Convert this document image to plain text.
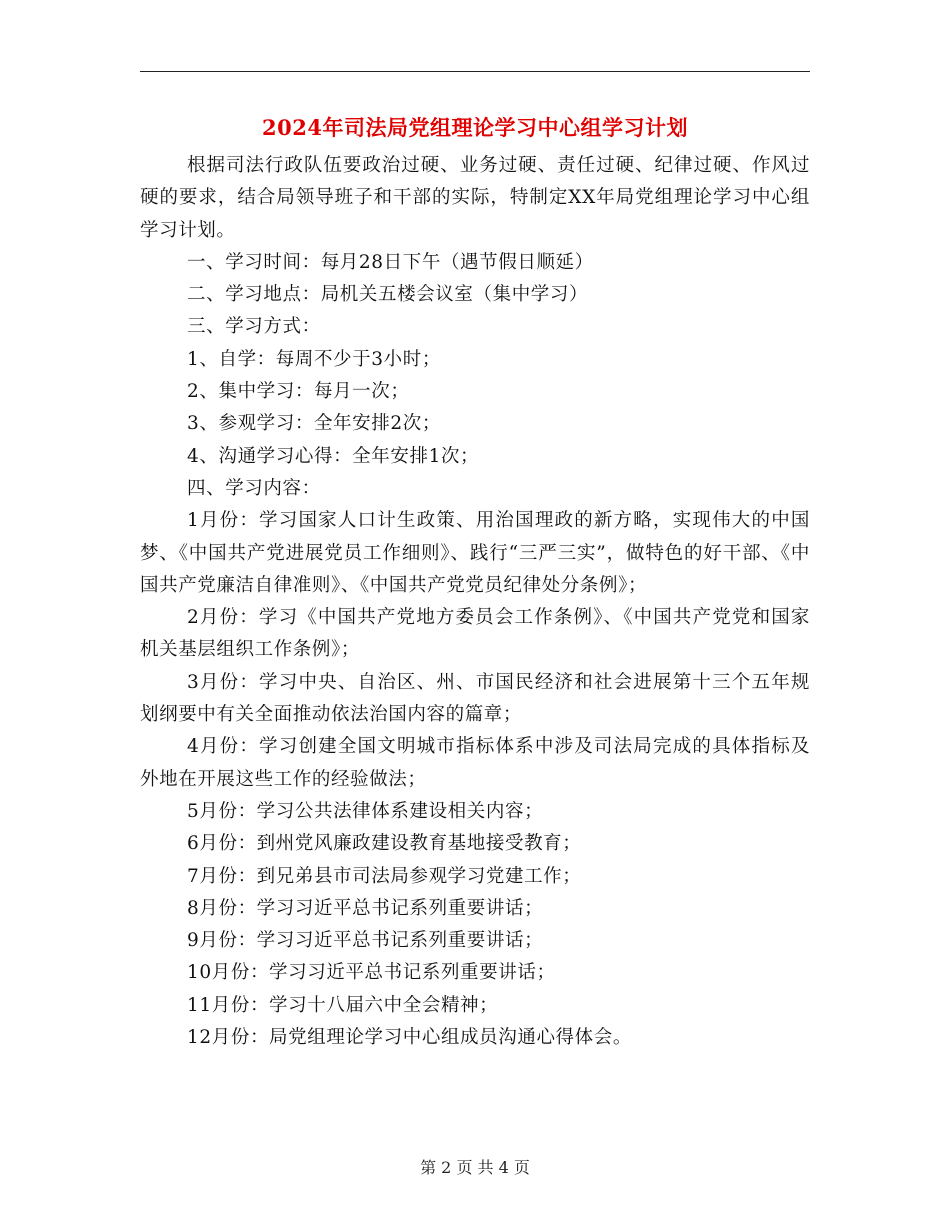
2024年司法局党组理论学习中心组学习计划

根据司法行政队伍要政治过硬、业务过硬、责任过硬、纪律过硬、作风过硬的要求，结合局领导班子和干部的实际，特制定XX年局党组理论学习中心组学习计划。

一、学习时间：每月28日下午（遇节假日顺延）

二、学习地点：局机关五楼会议室（集中学习）

三、学习方式：

1、自学：每周不少于3小时；

2、集中学习：每月一次；

3、参观学习：全年安排2次；

4、沟通学习心得：全年安排1次；

四、学习内容：

1月份：学习国家人口计生政策、用治国理政的新方略，实现伟大的中国梦、《中国共产党进展党员工作细则》、践行“三严三实”，做特色的好干部、《中国共产党廉洁自律准则》、《中国共产党党员纪律处分条例》；

2月份：学习《中国共产党地方委员会工作条例》、《中国共产党党和国家机关基层组织工作条例》；

3月份：学习中央、自治区、州、市国民经济和社会进展第十三个五年规划纲要中有关全面推动依法治国内容的篇章；

4月份：学习创建全国文明城市指标体系中涉及司法局完成的具体指标及外地在开展这些工作的经验做法；

5月份：学习公共法律体系建设相关内容；

6月份：到州党风廉政建设教育基地接受教育；

7月份：到兄弟县市司法局参观学习党建工作；

8月份：学习习近平总书记系列重要讲话；

9月份：学习习近平总书记系列重要讲话；

10月份：学习习近平总书记系列重要讲话；

11月份：学习十八届六中全会精神；

12月份：局党组理论学习中心组成员沟通心得体会。

第 2 页 共 4 页
